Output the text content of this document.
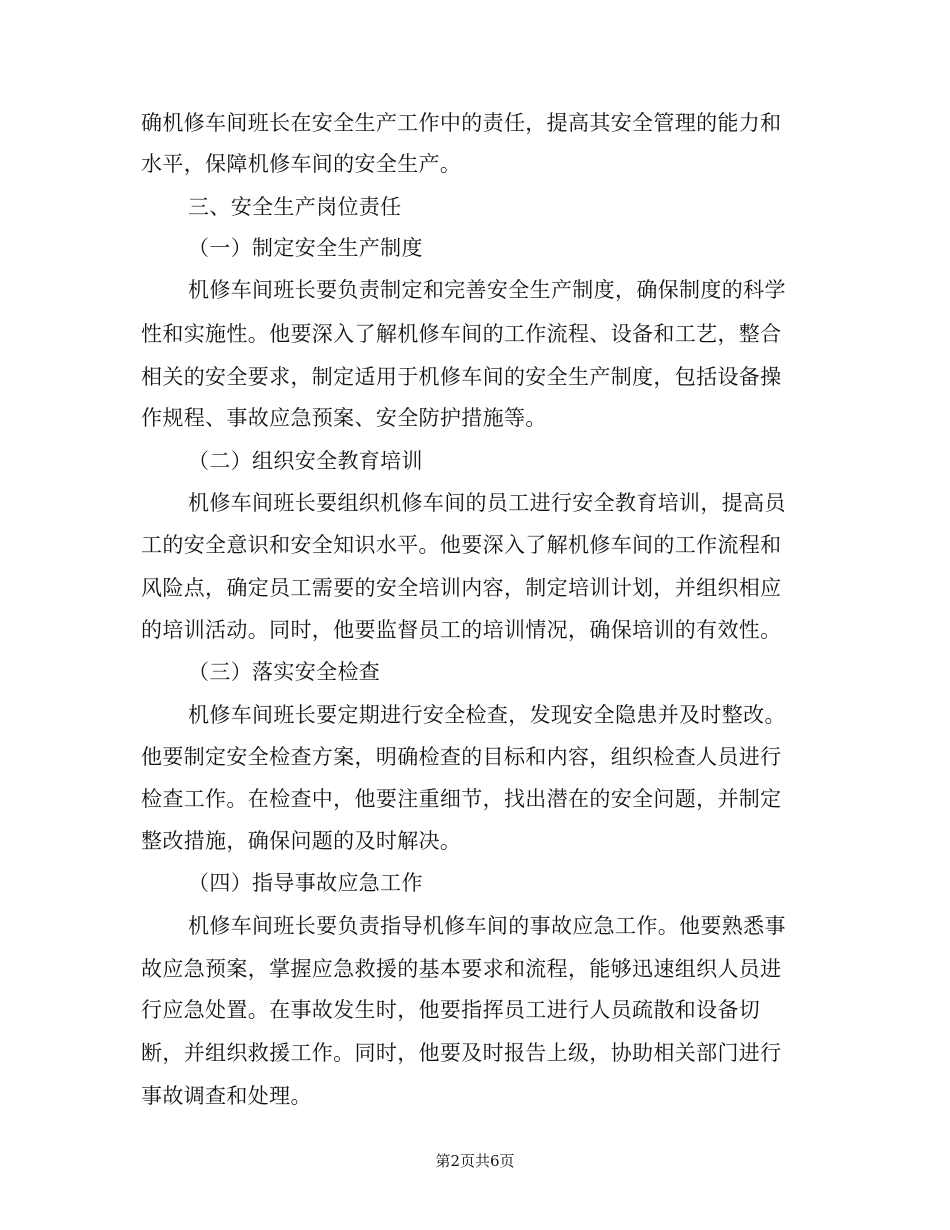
确机修车间班长在安全生产工作中的责任，提高其安全管理的能力和
水平，保障机修车间的安全生产。
三、安全生产岗位责任
（一）制定安全生产制度
机修车间班长要负责制定和完善安全生产制度，确保制度的科学
性和实施性。他要深入了解机修车间的工作流程、设备和工艺，整合
相关的安全要求，制定适用于机修车间的安全生产制度，包括设备操
作规程、事故应急预案、安全防护措施等。
（二）组织安全教育培训
机修车间班长要组织机修车间的员工进行安全教育培训，提高员
工的安全意识和安全知识水平。他要深入了解机修车间的工作流程和
风险点，确定员工需要的安全培训内容，制定培训计划，并组织相应
的培训活动。同时，他要监督员工的培训情况，确保培训的有效性。
（三）落实安全检查
机修车间班长要定期进行安全检查，发现安全隐患并及时整改。
他要制定安全检查方案，明确检查的目标和内容，组织检查人员进行
检查工作。在检查中，他要注重细节，找出潜在的安全问题，并制定
整改措施，确保问题的及时解决。
（四）指导事故应急工作
机修车间班长要负责指导机修车间的事故应急工作。他要熟悉事
故应急预案，掌握应急救援的基本要求和流程，能够迅速组织人员进
行应急处置。在事故发生时，他要指挥员工进行人员疏散和设备切
断，并组织救援工作。同时，他要及时报告上级，协助相关部门进行
事故调查和处理。
第2页共6页
